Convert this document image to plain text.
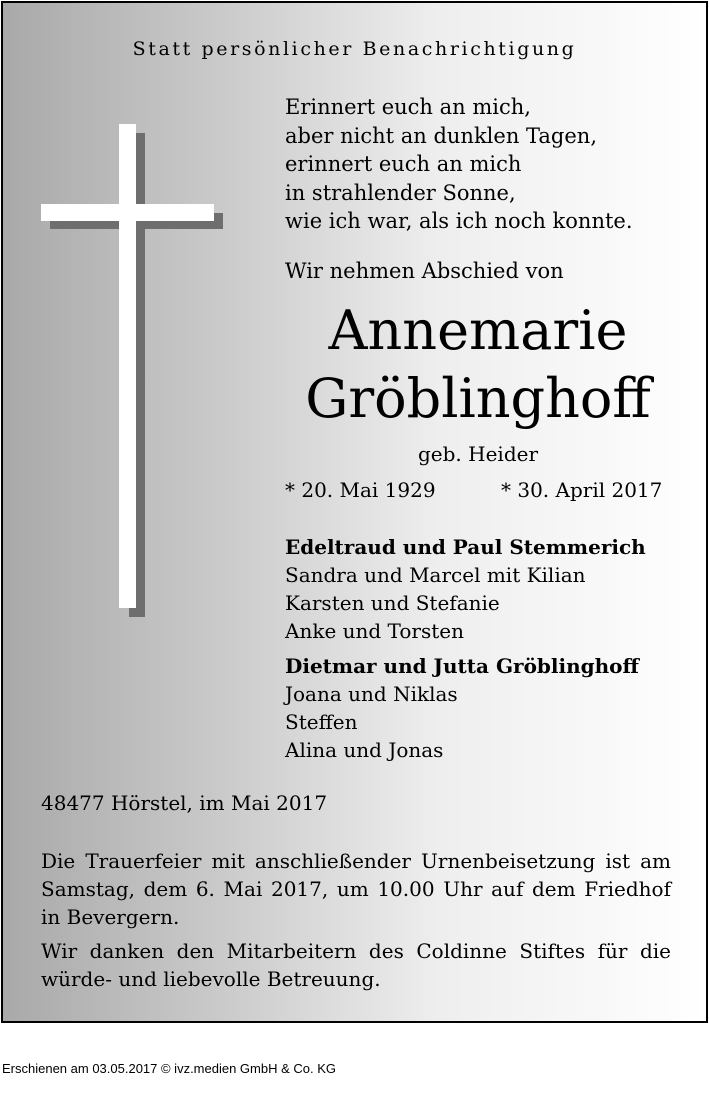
Statt persönlicher Benachrichtigung
Erinnert euch an mich,
aber nicht an dunklen Tagen,
erinnert euch an mich
in strahlender Sonne,
wie ich war, als ich noch konnte.
Wir nehmen Abschied von
Annemarie
Gröblinghoff
geb. Heider
* 20. Mai 1929	* 30. April 2017
Edeltraud und Paul Stemmerich
Sandra und Marcel mit Kilian
Karsten und Stefanie
Anke und Torsten
Dietmar und Jutta Gröblinghoff
Joana und Niklas
Steffen
Alina und Jonas
48477 Hörstel, im Mai 2017
Die Trauerfeier mit anschließender Urnenbeisetzung ist am Samstag, dem 6. Mai 2017, um 10.00 Uhr auf dem Friedhof in Bevergern.
Wir danken den Mitarbeitern des Coldinne Stiftes für die würde- und liebevolle Betreuung.
Erschienen am 03.05.2017 © ivz.medien GmbH & Co. KG
